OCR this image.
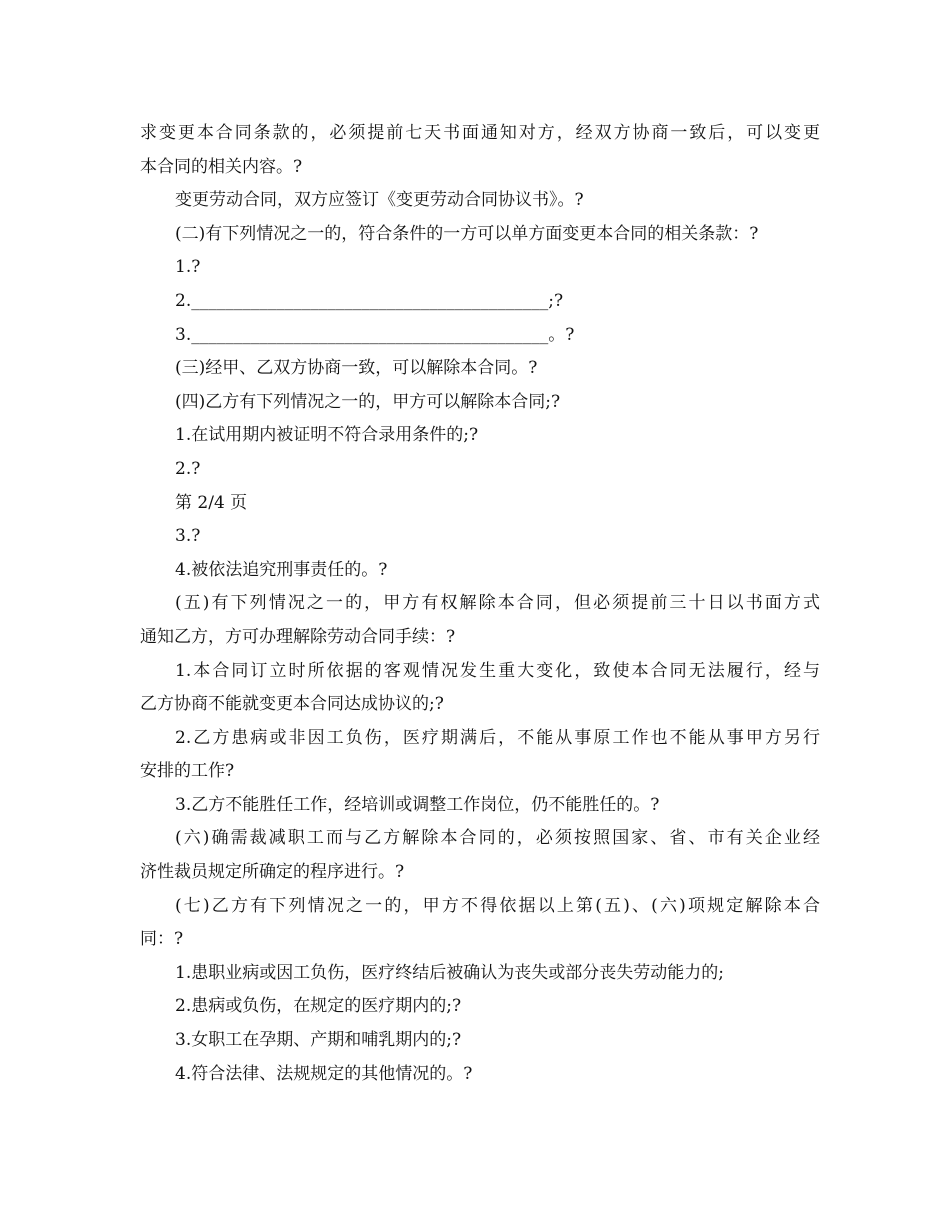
求变更本合同条款的，必须提前七天书面通知对方，经双方协商一致后，可以变更
本合同的相关内容。?
变更劳动合同，双方应签订《变更劳动合同协议书》。?
(二)有下列情况之一的，符合条件的一方可以单方面变更本合同的相关条款：?
1.?
2.__________________________________________;?
3.__________________________________________。?
(三)经甲、乙双方协商一致，可以解除本合同。?
(四)乙方有下列情况之一的，甲方可以解除本合同;?
1.在试用期内被证明不符合录用条件的;?
2.?
第 2/4 页
3.?
4.被依法追究刑事责任的。?
(五)有下列情况之一的，甲方有权解除本合同，但必须提前三十日以书面方式
通知乙方，方可办理解除劳动合同手续：?
1.本合同订立时所依据的客观情况发生重大变化，致使本合同无法履行，经与
乙方协商不能就变更本合同达成协议的;?
2.乙方患病或非因工负伤，医疗期满后，不能从事原工作也不能从事甲方另行
安排的工作?
3.乙方不能胜任工作，经培训或调整工作岗位，仍不能胜任的。?
(六)确需裁减职工而与乙方解除本合同的，必须按照国家、省、市有关企业经
济性裁员规定所确定的程序进行。?
(七)乙方有下列情况之一的，甲方不得依据以上第(五)、(六)项规定解除本合
同：?
1.患职业病或因工负伤，医疗终结后被确认为丧失或部分丧失劳动能力的;
2.患病或负伤，在规定的医疗期内的;?
3.女职工在孕期、产期和哺乳期内的;?
4.符合法律、法规规定的其他情况的。?
